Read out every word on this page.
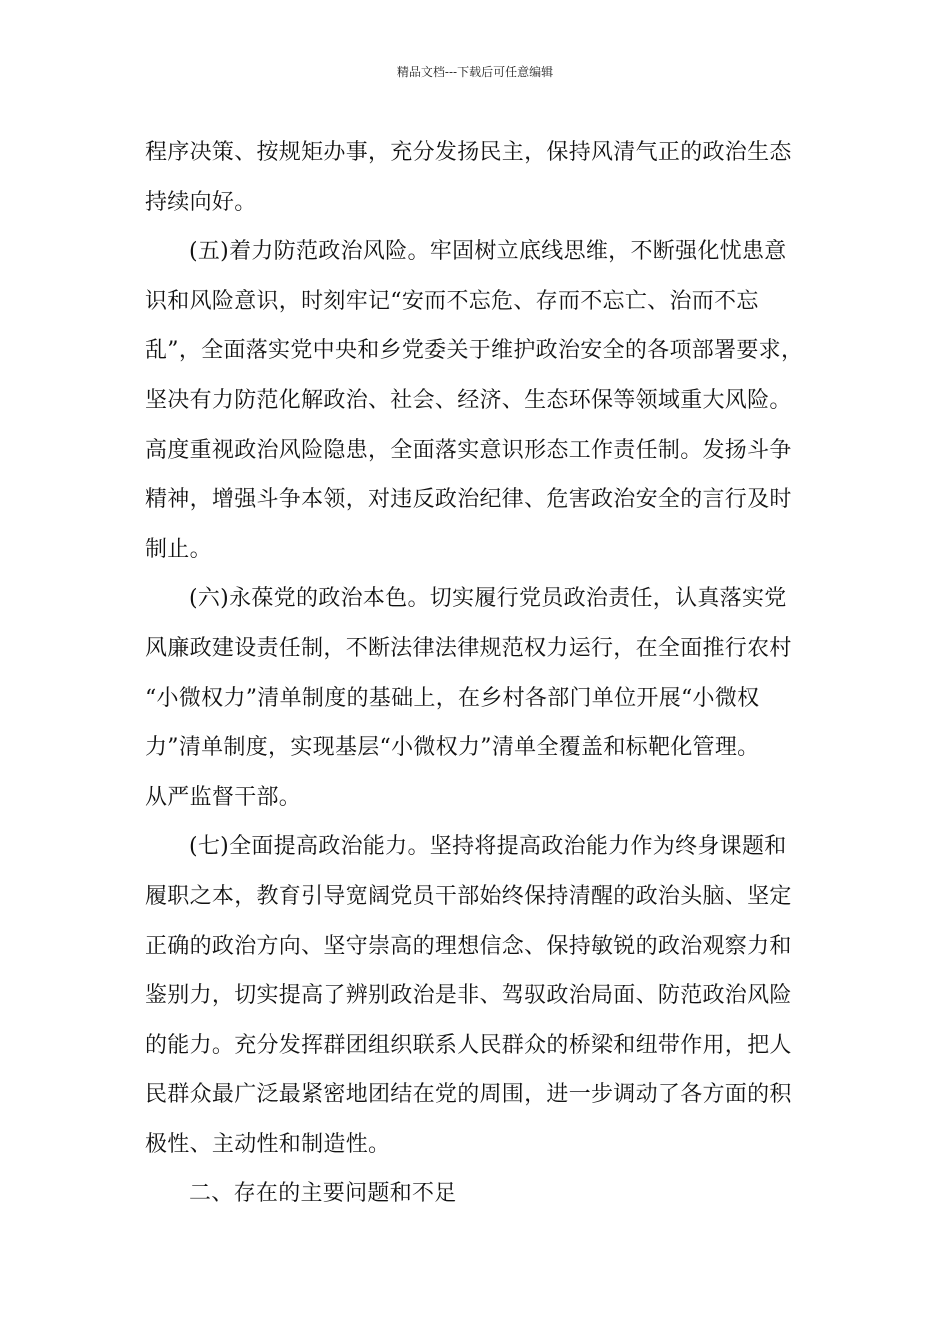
精品文档---下载后可任意编辑
程序决策、按规矩办事，充分发扬民主，保持风清气正的政治生态
持续向好。
(五)着力防范政治风险。牢固树立底线思维，不断强化忧患意
识和风险意识，时刻牢记“安而不忘危、存而不忘亡、治而不忘
乱”，全面落实党中央和乡党委关于维护政治安全的各项部署要求，
坚决有力防范化解政治、社会、经济、生态环保等领域重大风险。
高度重视政治风险隐患，全面落实意识形态工作责任制。发扬斗争
精神，增强斗争本领，对违反政治纪律、危害政治安全的言行及时
制止。
(六)永葆党的政治本色。切实履行党员政治责任，认真落实党
风廉政建设责任制，不断法律法律规范权力运行，在全面推行农村
“小微权力”清单制度的基础上，在乡村各部门单位开展“小微权
力”清单制度，实现基层“小微权力”清单全覆盖和标靶化管理。
从严监督干部。
(七)全面提高政治能力。坚持将提高政治能力作为终身课题和
履职之本，教育引导宽阔党员干部始终保持清醒的政治头脑、坚定
正确的政治方向、坚守崇高的理想信念、保持敏锐的政治观察力和
鉴别力，切实提高了辨别政治是非、驾驭政治局面、防范政治风险
的能力。充分发挥群团组织联系人民群众的桥梁和纽带作用，把人
民群众最广泛最紧密地团结在党的周围，进一步调动了各方面的积
极性、主动性和制造性。
二、存在的主要问题和不足
